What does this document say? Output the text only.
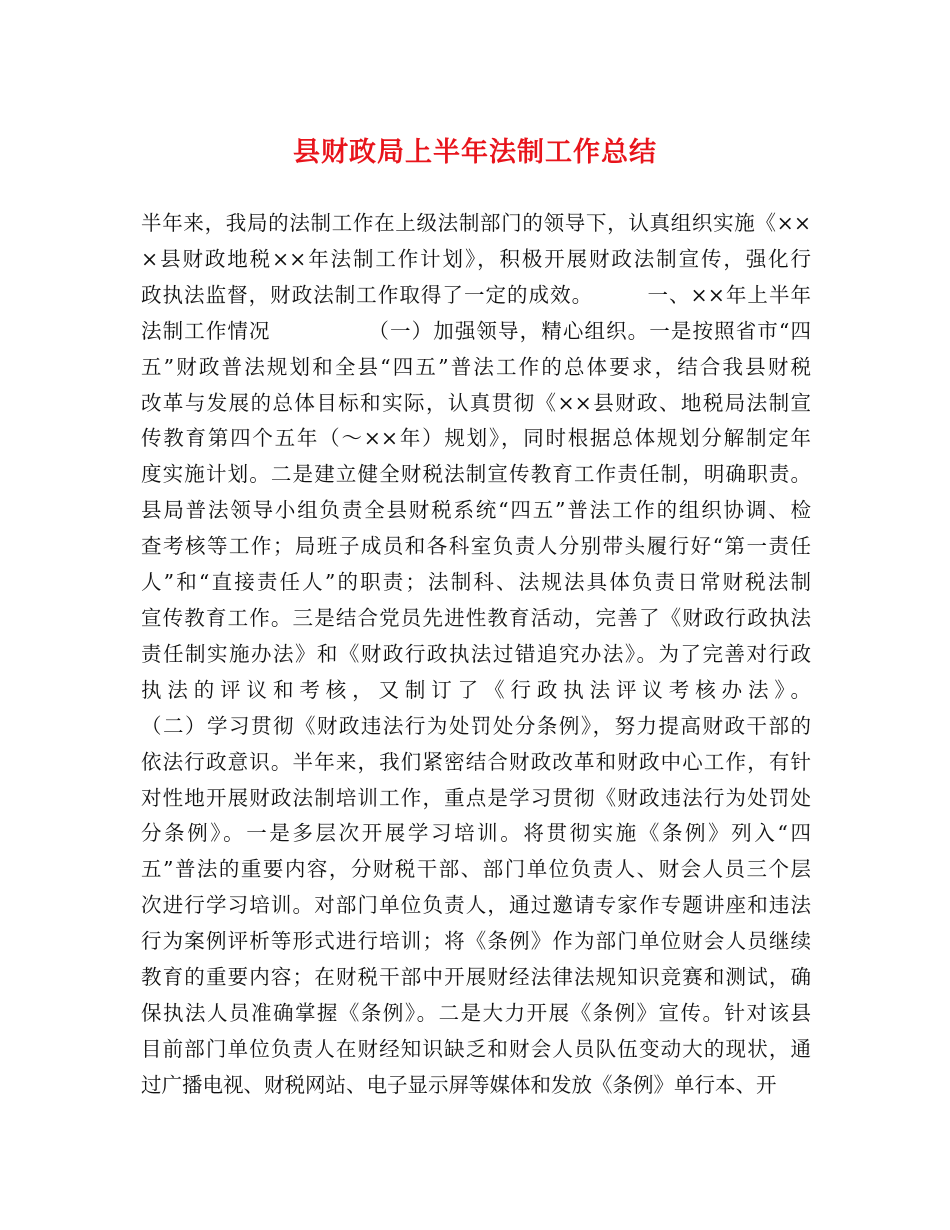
县财政局上半年法制工作总结
半年来，我局的法制工作在上级法制部门的领导下，认真组织实施《××
×县财政地税××年法制工作计划》，积极开展财政法制宣传，强化行
政执法监督，财政法制工作取得了一定的成效。　　　一、××年上半年
法制工作情况　　　　　（一）加强领导，精心组织。一是按照省市“四
五”财政普法规划和全县“四五”普法工作的总体要求，结合我县财税
改革与发展的总体目标和实际，认真贯彻《××县财政、地税局法制宣
传教育第四个五年（～××年）规划》，同时根据总体规划分解制定年
度实施计划。二是建立健全财税法制宣传教育工作责任制，明确职责。
县局普法领导小组负责全县财税系统“四五”普法工作的组织协调、检
查考核等工作；局班子成员和各科室负责人分别带头履行好“第一责任
人”和“直接责任人”的职责；法制科、法规法具体负责日常财税法制
宣传教育工作。三是结合党员先进性教育活动，完善了《财政行政执法
责任制实施办法》和《财政行政执法过错追究办法》。为了完善对行政
执法的评议和考核，又制订了《行政执法评议考核办法》。
（二）学习贯彻《财政违法行为处罚处分条例》，努力提高财政干部的
依法行政意识。半年来，我们紧密结合财政改革和财政中心工作，有针
对性地开展财政法制培训工作，重点是学习贯彻《财政违法行为处罚处
分条例》。一是多层次开展学习培训。将贯彻实施《条例》列入“四
五”普法的重要内容，分财税干部、部门单位负责人、财会人员三个层
次进行学习培训。对部门单位负责人，通过邀请专家作专题讲座和违法
行为案例评析等形式进行培训；将《条例》作为部门单位财会人员继续
教育的重要内容；在财税干部中开展财经法律法规知识竞赛和测试，确
保执法人员准确掌握《条例》。二是大力开展《条例》宣传。针对该县
目前部门单位负责人在财经知识缺乏和财会人员队伍变动大的现状，通
过广播电视、财税网站、电子显示屏等媒体和发放《条例》单行本、开
